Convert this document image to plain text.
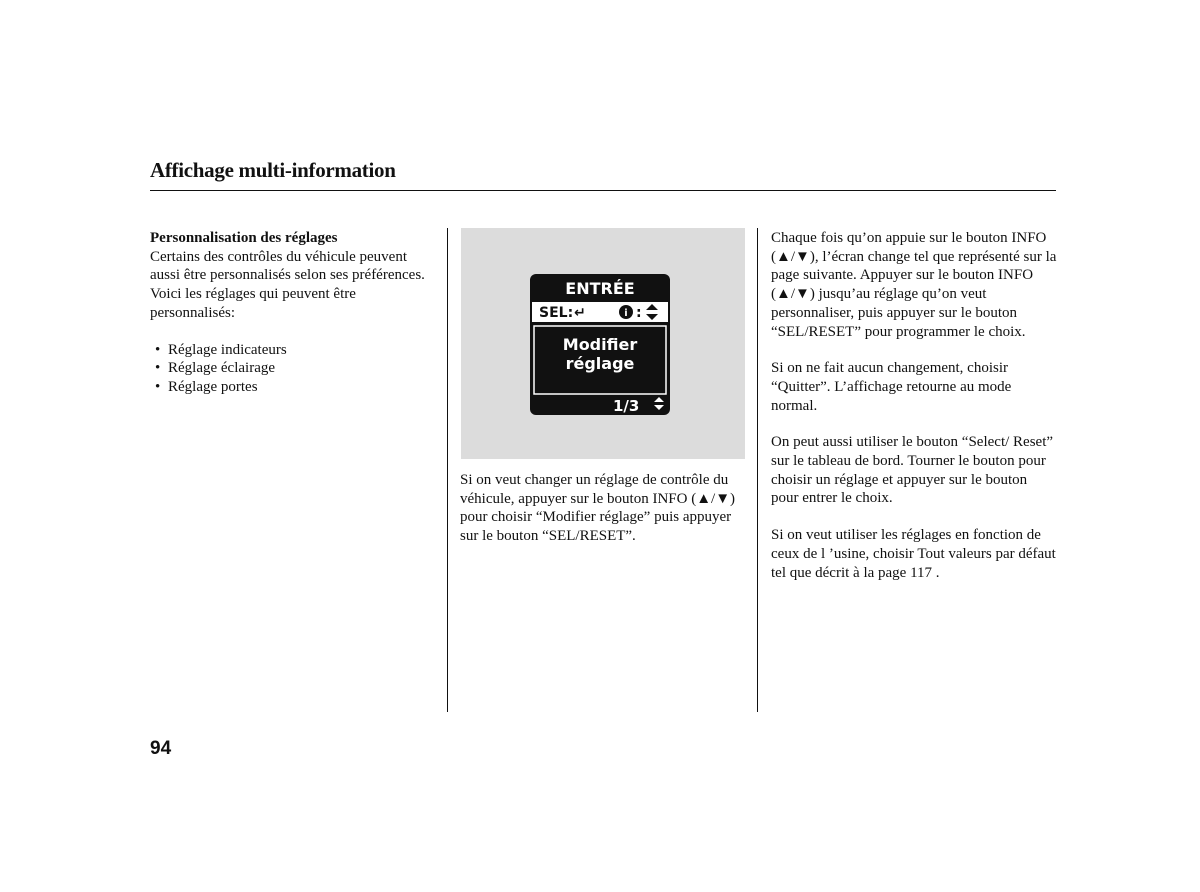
Affichage multi-information
Personnalisation des réglages

Certains des contrôles du véhicule peuvent aussi être personnalisés selon ses préférences. Voici les réglages qui peuvent être personnalisés:

• Réglage indicateurs
• Réglage éclairage
• Réglage portes
ENTRÉE
SEL: ↵	i :
Modifier
réglage
1/3

Si on veut changer un réglage de contrôle du véhicule, appuyer sur le bouton INFO (▲/▼) pour choisir “Modifier réglage” puis appuyer sur le bouton “SEL/RESET”.

Chaque fois qu’on appuie sur le bouton INFO (▲/▼), l’écran change tel que représenté sur la page suivante. Appuyer sur le bouton INFO (▲/▼) jusqu’au réglage qu’on veut personnaliser, puis appuyer sur le bouton “SEL/RESET” pour programmer le choix.

Si on ne fait aucun changement, choisir “Quitter”. L’affichage retourne au mode normal.

On peut aussi utiliser le bouton “Select/ Reset” sur le tableau de bord. Tourner le bouton pour choisir un réglage et appuyer sur le bouton pour entrer le choix.

Si on veut utiliser les réglages en fonction de ceux de l ’usine, choisir Tout valeurs par défaut tel que décrit à la page 117 .

94
